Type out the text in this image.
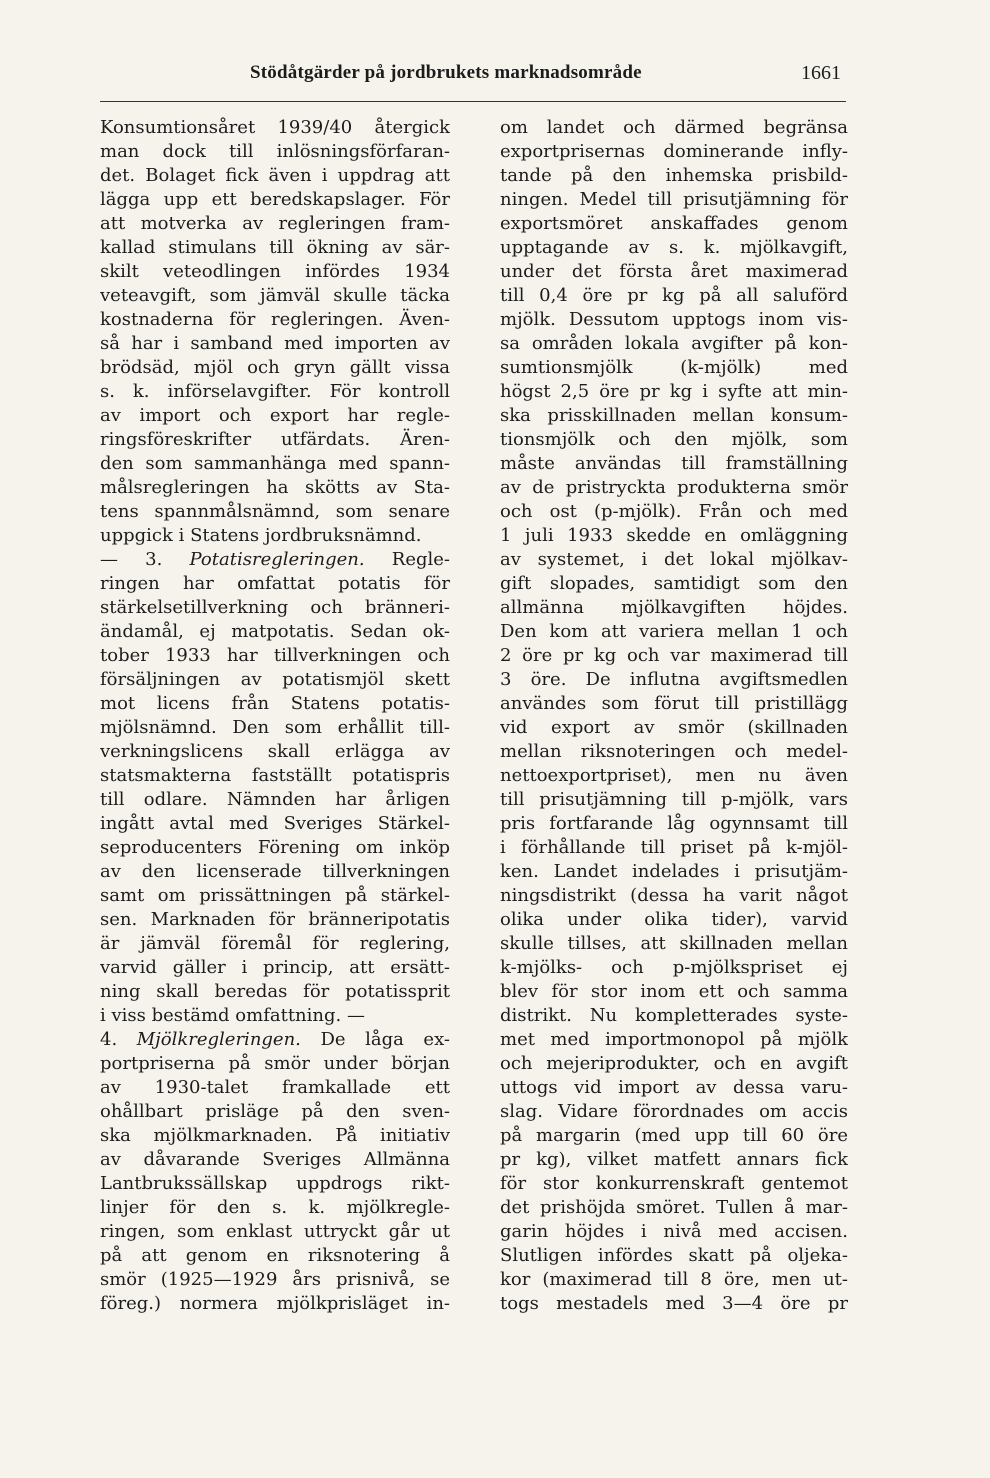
Stödåtgärder på jordbrukets marknadsområde	1661
Konsumtionsåret 1939/40 återgick
man dock till inlösningsförfaran-
det. Bolaget fick även i uppdrag att
lägga upp ett beredskapslager. För
att motverka av regleringen fram-
kallad stimulans till ökning av sär-
skilt veteodlingen infördes 1934
veteavgift, som jämväl skulle täcka
kostnaderna för regleringen. Även-
så har i samband med importen av
brödsäd, mjöl och gryn gällt vissa
s. k. införselavgifter. För kontroll
av import och export har regle-
ringsföreskrifter utfärdats. Ären-
den som sammanhänga med spann-
målsregleringen ha skötts av Sta-
tens spannmålsnämnd, som senare
uppgick i Statens jordbruksnämnd.
— 3. Potatisregleringen. Regle-
ringen har omfattat potatis för
stärkelsetillverkning och bränneri-
ändamål, ej matpotatis. Sedan ok-
tober 1933 har tillverkningen och
försäljningen av potatismjöl skett
mot licens från Statens potatis-
mjölsnämnd. Den som erhållit till-
verkningslicens skall erlägga av
statsmakterna fastställt potatispris
till odlare. Nämnden har årligen
ingått avtal med Sveriges Stärkel-
seproducenters Förening om inköp
av den licenserade tillverkningen
samt om prissättningen på stärkel-
sen. Marknaden för bränneripotatis
är jämväl föremål för reglering,
varvid gäller i princip, att ersätt-
ning skall beredas för potatissprit
i viss bestämd omfattning. —
4. Mjölkregleringen. De låga ex-
portpriserna på smör under början
av 1930-talet framkallade ett
ohållbart prisläge på den sven-
ska mjölkmarknaden. På initiativ
av dåvarande Sveriges Allmänna
Lantbrukssällskap uppdrogs rikt-
linjer för den s. k. mjölkregle-
ringen, som enklast uttryckt går ut
på att genom en riksnotering å
smör (1925—1929 års prisnivå, se
föreg.) normera mjölkprisläget in-
om landet och därmed begränsa
exportprisernas dominerande infly-
tande på den inhemska prisbild-
ningen. Medel till prisutjämning för
exportsmöret anskaffades genom
upptagande av s. k. mjölkavgift,
under det första året maximerad
till 0,4 öre pr kg på all saluförd
mjölk. Dessutom upptogs inom vis-
sa områden lokala avgifter på kon-
sumtionsmjölk (k-mjölk) med
högst 2,5 öre pr kg i syfte att min-
ska prisskillnaden mellan konsum-
tionsmjölk och den mjölk, som
måste användas till framställning
av de pristryckta produkterna smör
och ost (p-mjölk). Från och med
1 juli 1933 skedde en omläggning
av systemet, i det lokal mjölkav-
gift slopades, samtidigt som den
allmänna mjölkavgiften höjdes.
Den kom att variera mellan 1 och
2 öre pr kg och var maximerad till
3 öre. De influtna avgiftsmedlen
användes som förut till pristillägg
vid export av smör (skillnaden
mellan riksnoteringen och medel-
nettoexportpriset), men nu även
till prisutjämning till p-mjölk, vars
pris fortfarande låg ogynnsamt till
i förhållande till priset på k-mjöl-
ken. Landet indelades i prisutjäm-
ningsdistrikt (dessa ha varit något
olika under olika tider), varvid
skulle tillses, att skillnaden mellan
k-mjölks- och p-mjölkspriset ej
blev för stor inom ett och samma
distrikt. Nu kompletterades syste-
met med importmonopol på mjölk
och mejeriprodukter, och en avgift
uttogs vid import av dessa varu-
slag. Vidare förordnades om accis
på margarin (med upp till 60 öre
pr kg), vilket matfett annars fick
för stor konkurrenskraft gentemot
det prishöjda smöret. Tullen å mar-
garin höjdes i nivå med accisen.
Slutligen infördes skatt på oljeka-
kor (maximerad till 8 öre, men ut-
togs mestadels med 3—4 öre pr
